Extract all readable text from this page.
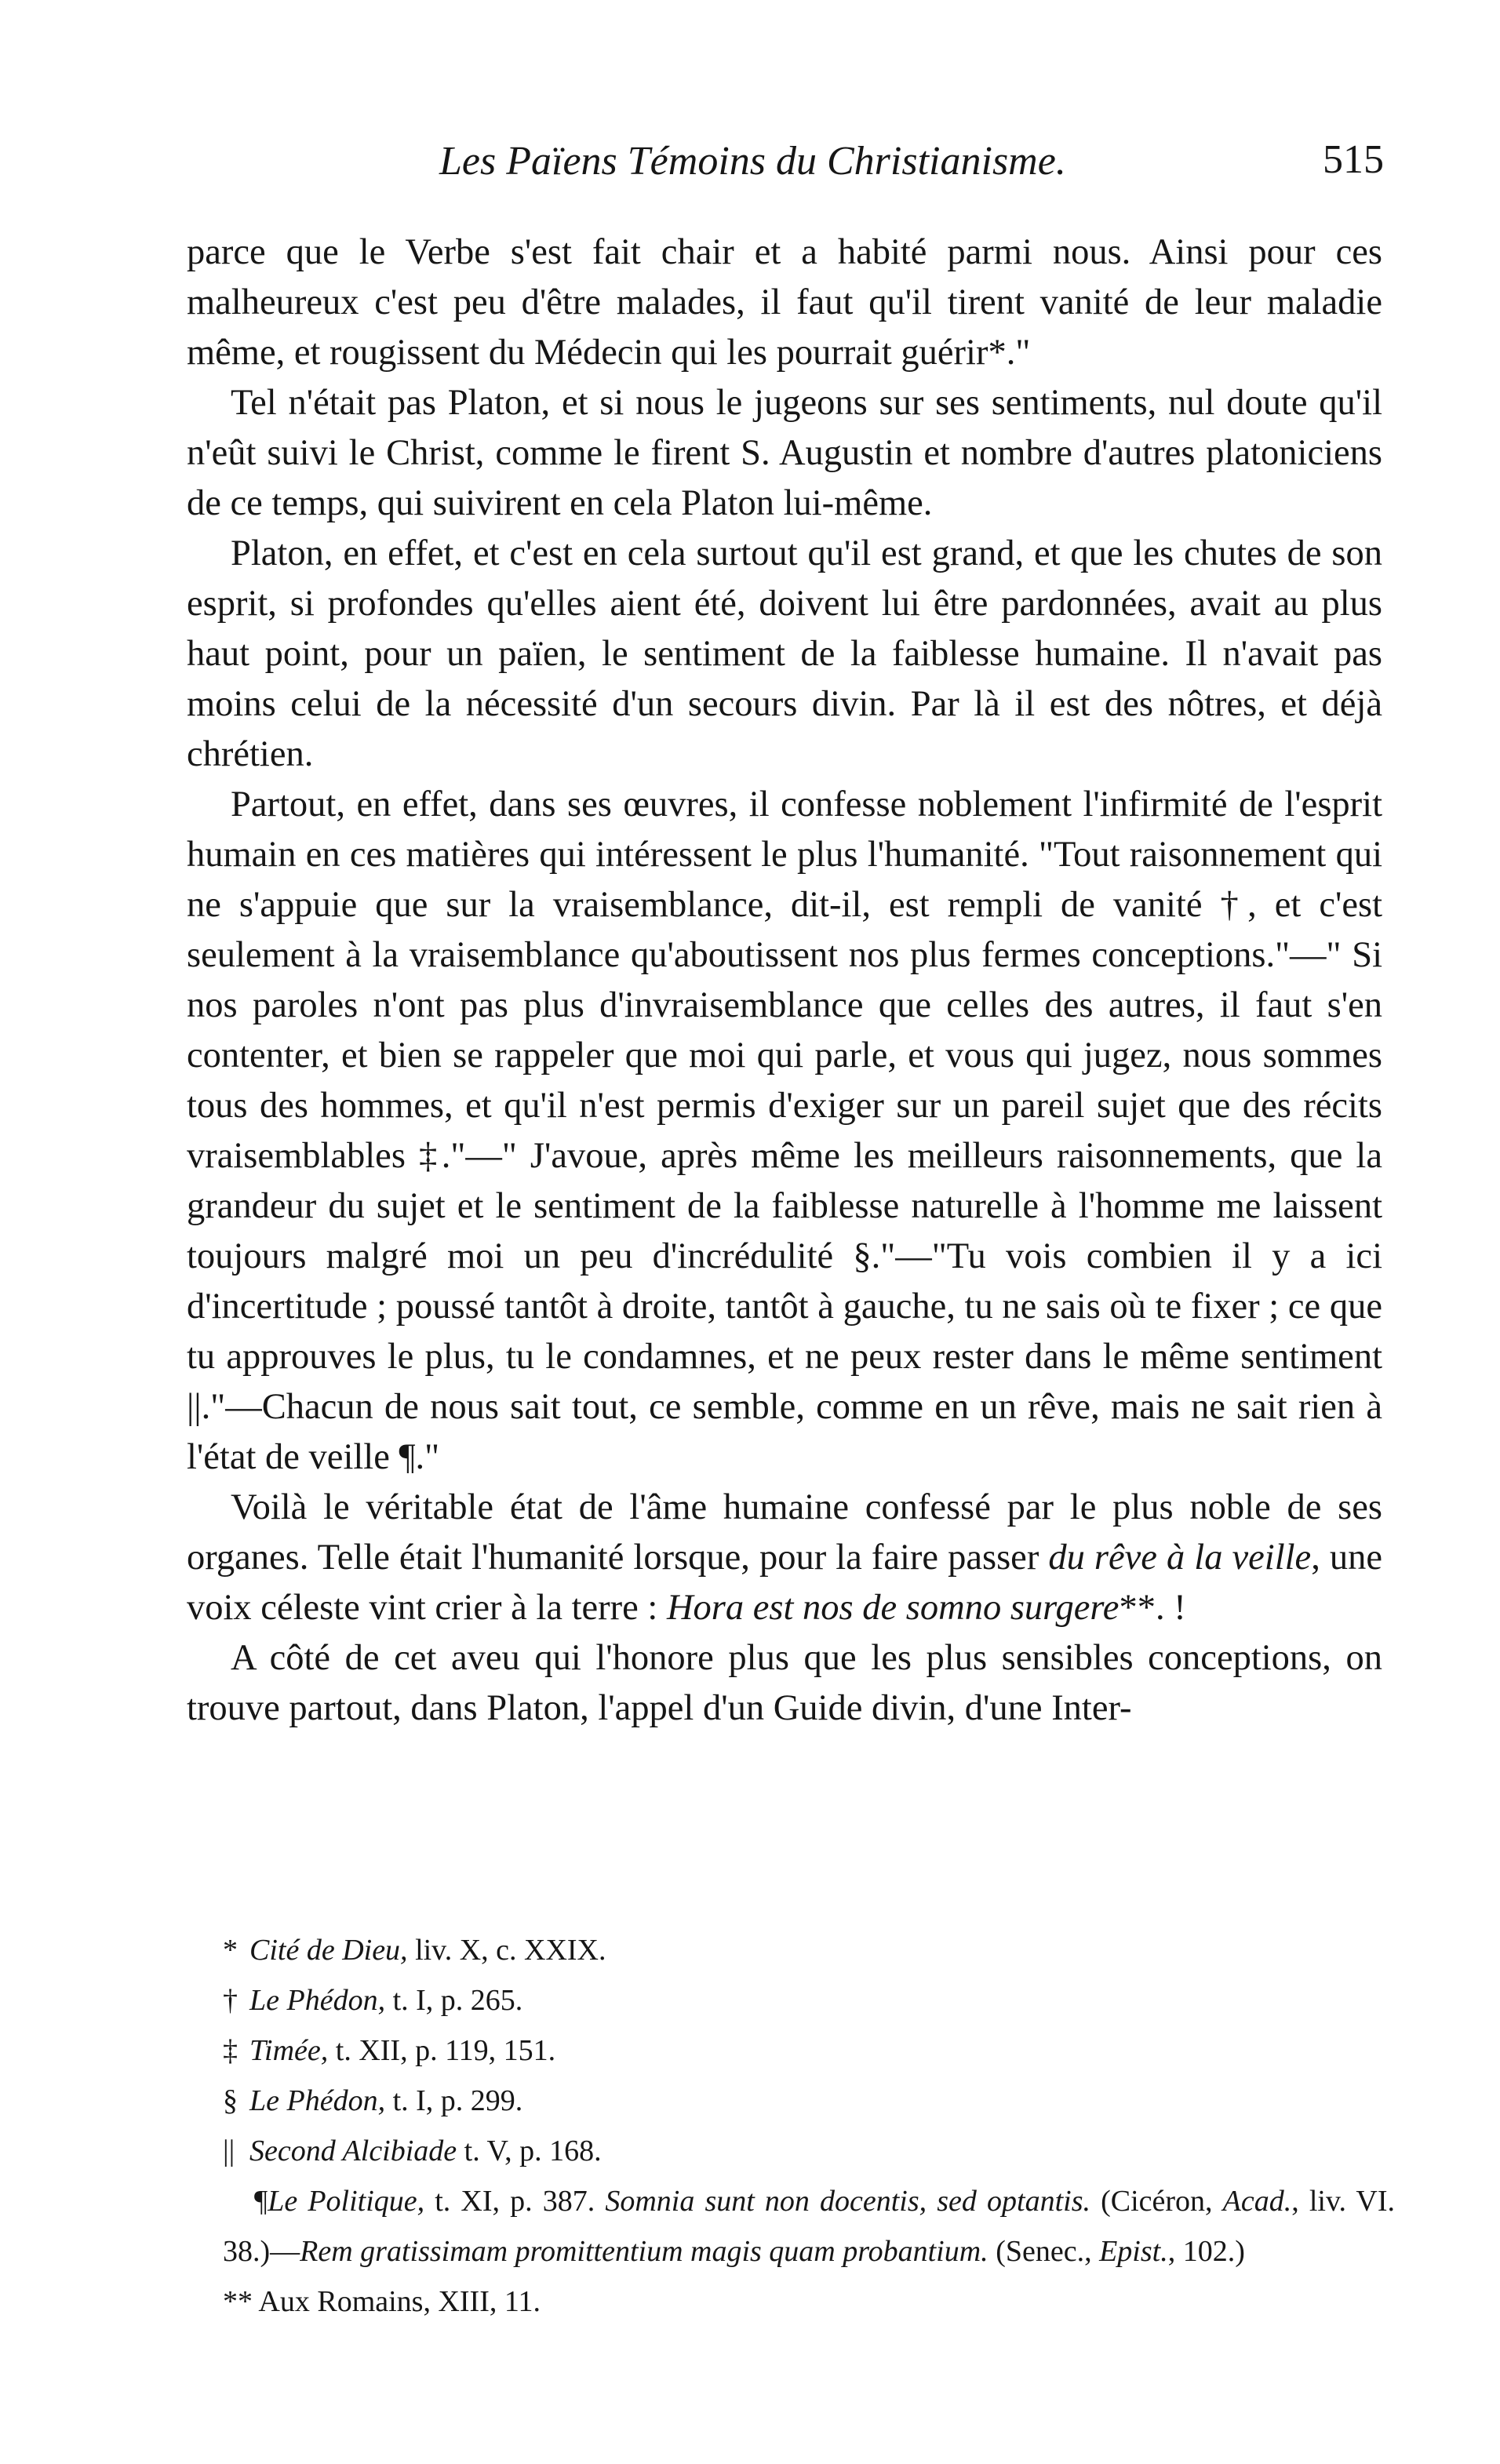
Les Païens Témoins du Christianisme.	515

parce que le Verbe s'est fait chair et a habité parmi nous. Ainsi pour ces malheureux c'est peu d'être malades, il faut qu'il tirent vanité de leur maladie même, et rougissent du Médecin qui les pourrait guérir*."

Tel n'était pas Platon, et si nous le jugeons sur ses sentiments, nul doute qu'il n'eût suivi le Christ, comme le firent S. Augustin et nombre d'autres platoniciens de ce temps, qui suivirent en cela Platon lui-même.

Platon, en effet, et c'est en cela surtout qu'il est grand, et que les chutes de son esprit, si profondes qu'elles aient été, doivent lui être pardonnées, avait au plus haut point, pour un païen, le sentiment de la faiblesse humaine. Il n'avait pas moins celui de la nécessité d'un secours divin. Par là il est des nôtres, et déjà chrétien.

Partout, en effet, dans ses œuvres, il confesse noblement l'infirmité de l'esprit humain en ces matières qui intéressent le plus l'humanité. "Tout raisonnement qui ne s'appuie que sur la vraisemblance, dit-il, est rempli de vanité †, et c'est seulement à la vraisemblance qu'aboutissent nos plus fermes conceptions."—" Si nos paroles n'ont pas plus d'invraisemblance que celles des autres, il faut s'en contenter, et bien se rappeler que moi qui parle, et vous qui jugez, nous sommes tous des hommes, et qu'il n'est permis d'exiger sur un pareil sujet que des récits vraisemblables ‡."—" J'avoue, après même les meilleurs raisonnements, que la grandeur du sujet et le sentiment de la faiblesse naturelle à l'homme me laissent toujours malgré moi un peu d'incrédulité §."—"Tu vois combien il y a ici d'incertitude ; poussé tantôt à droite, tantôt à gauche, tu ne sais où te fixer ; ce que tu approuves le plus, tu le condamnes, et ne peux rester dans le même sentiment ||."—Chacun de nous sait tout, ce semble, comme en un rêve, mais ne sait rien à l'état de veille ¶."

Voilà le véritable état de l'âme humaine confessé par le plus noble de ses organes. Telle était l'humanité lorsque, pour la faire passer du rêve à la veille, une voix céleste vint crier à la terre : Hora est nos de somno surgere**. !

A côté de cet aveu qui l'honore plus que les plus sensibles conceptions, on trouve partout, dans Platon, l'appel d'un Guide divin, d'une Inter-

* Cité de Dieu, liv. X, c. XXIX.

† Le Phédon, t. I, p. 265.

‡ Timée, t. XII, p. 119, 151.

§ Le Phédon, t. I, p. 299.

|| Second Alcibiade t. V, p. 168.

¶Le Politique, t. XI, p. 387. Somnia sunt non docentis, sed optantis. (Cicéron, Acad., liv. VI. 38.)—Rem gratissimam promittentium magis quam probantium. (Senec., Epist., 102.)

** Aux Romains, XIII, 11.
